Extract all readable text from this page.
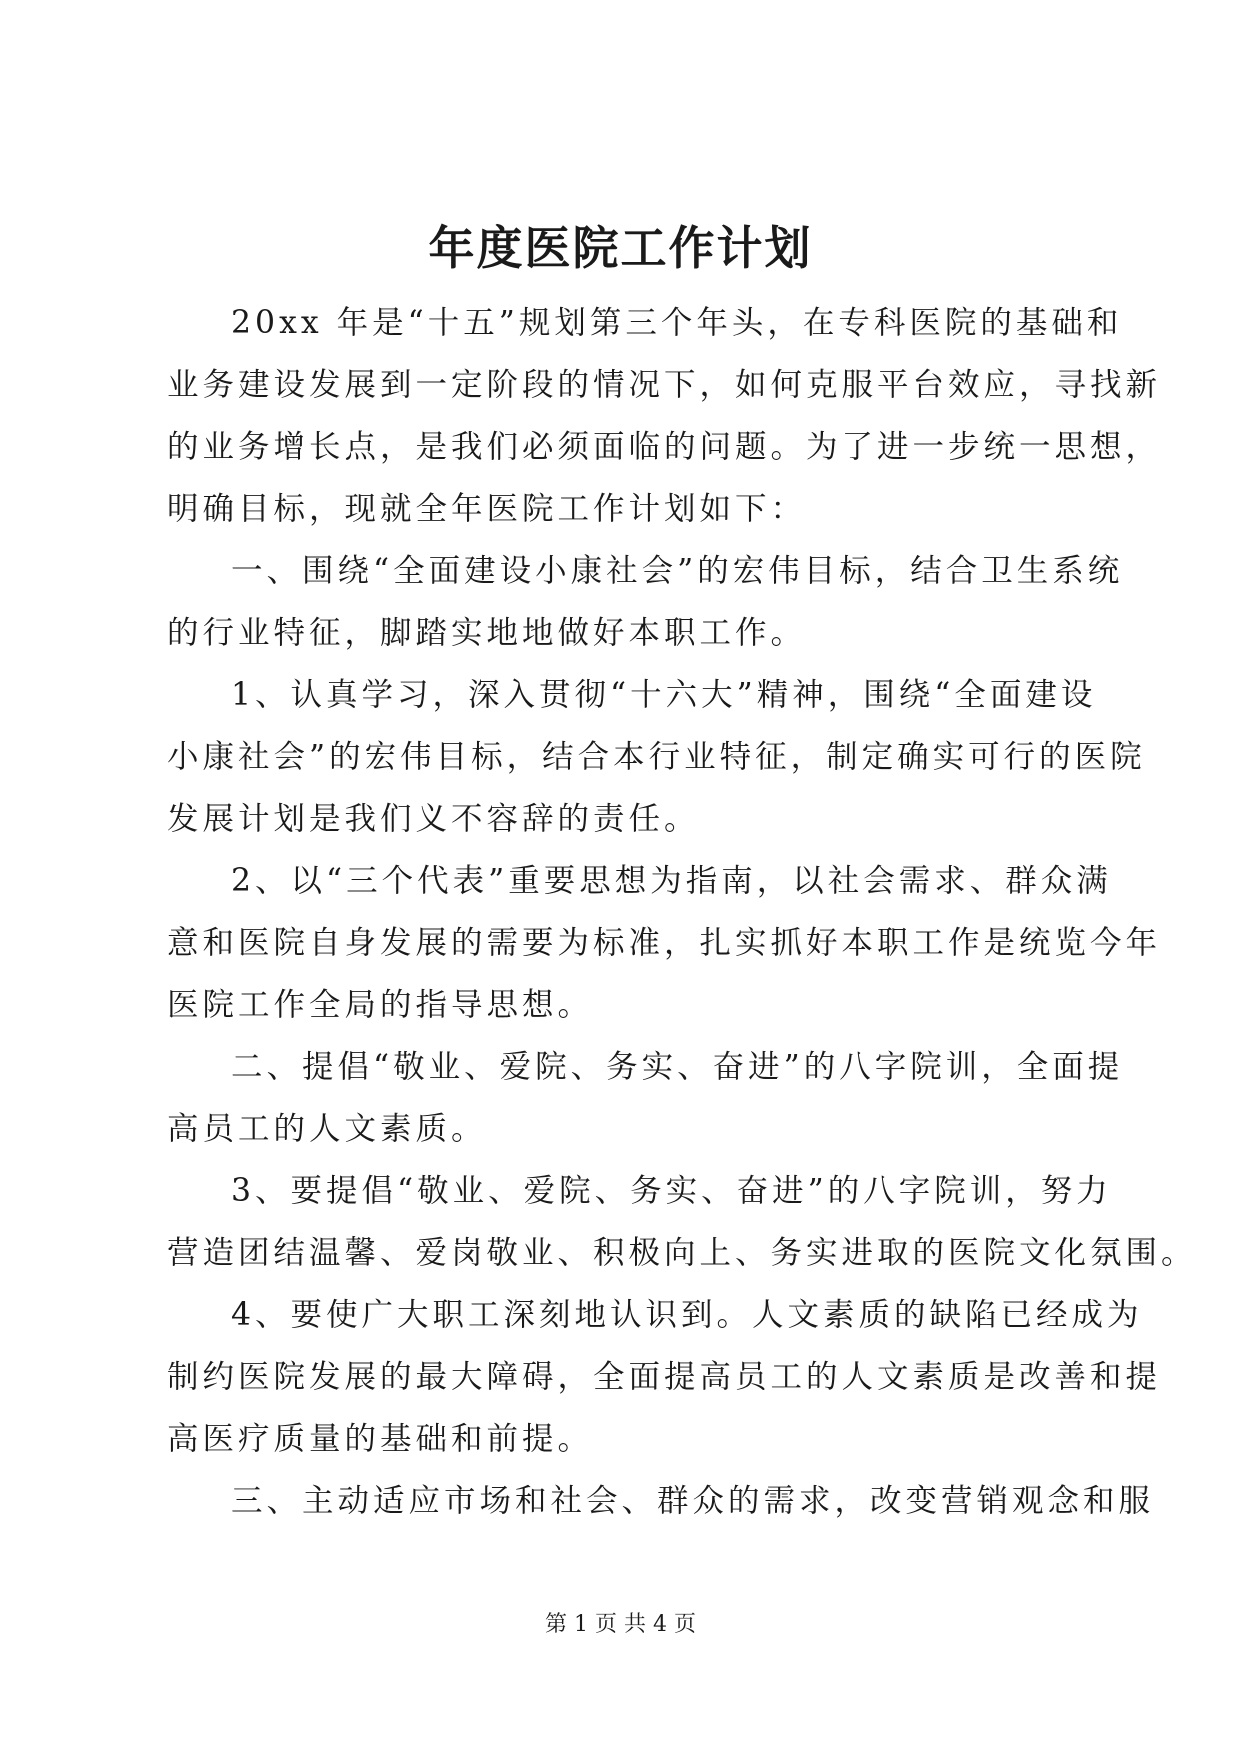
年度医院工作计划
20xx 年是“十五”规划第三个年头，在专科医院的基础和
业务建设发展到一定阶段的情况下，如何克服平台效应，寻找新
的业务增长点，是我们必须面临的问题。为了进一步统一思想，
明确目标，现就全年医院工作计划如下：
一、围绕“全面建设小康社会”的宏伟目标，结合卫生系统
的行业特征，脚踏实地地做好本职工作。
1、认真学习，深入贯彻“十六大”精神，围绕“全面建设
小康社会”的宏伟目标，结合本行业特征，制定确实可行的医院
发展计划是我们义不容辞的责任。
2、以“三个代表”重要思想为指南，以社会需求、群众满
意和医院自身发展的需要为标准，扎实抓好本职工作是统览今年
医院工作全局的指导思想。
二、提倡“敬业、爱院、务实、奋进”的八字院训，全面提
高员工的人文素质。
3、要提倡“敬业、爱院、务实、奋进”的八字院训，努力
营造团结温馨、爱岗敬业、积极向上、务实进取的医院文化氛围。
4、要使广大职工深刻地认识到。人文素质的缺陷已经成为
制约医院发展的最大障碍，全面提高员工的人文素质是改善和提
高医疗质量的基础和前提。
三、主动适应市场和社会、群众的需求，改变营销观念和服
第 1 页 共 4 页
